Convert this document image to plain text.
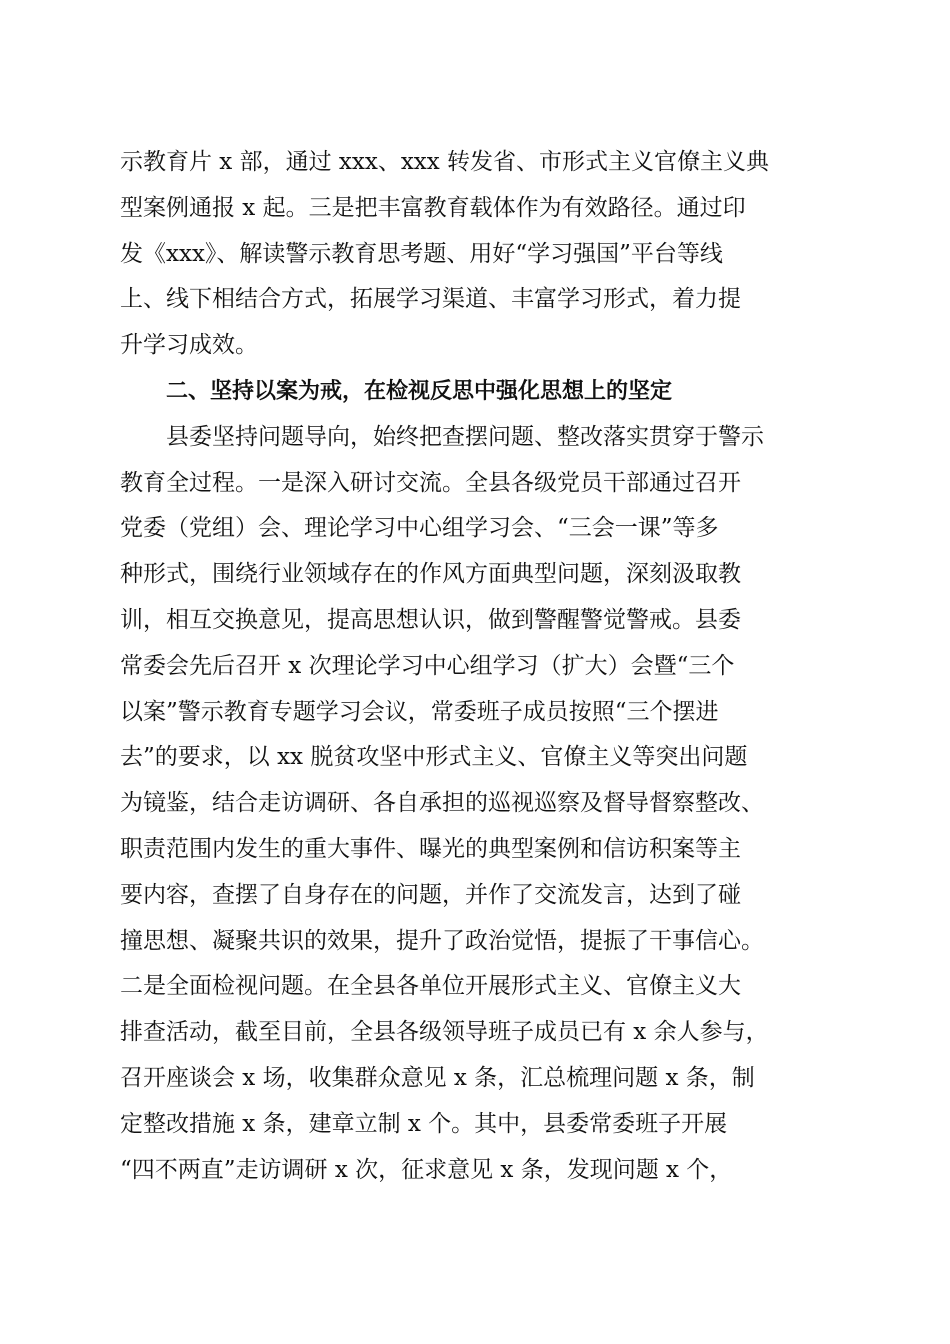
示教育片 x 部，通过 xxx、xxx 转发省、市形式主义官僚主义典
型案例通报 x 起。三是把丰富教育载体作为有效路径。通过印
发《xxx》、解读警示教育思考题、用好“学习强国”平台等线
上、线下相结合方式，拓展学习渠道、丰富学习形式，着力提
升学习成效。
二、坚持以案为戒，在检视反思中强化思想上的坚定
县委坚持问题导向，始终把查摆问题、整改落实贯穿于警示
教育全过程。一是深入研讨交流。全县各级党员干部通过召开
党委（党组）会、理论学习中心组学习会、“三会一课”等多
种形式，围绕行业领域存在的作风方面典型问题，深刻汲取教
训，相互交换意见，提高思想认识，做到警醒警觉警戒。县委
常委会先后召开 x 次理论学习中心组学习（扩大）会暨“三个
以案”警示教育专题学习会议，常委班子成员按照“三个摆进
去”的要求，以 xx 脱贫攻坚中形式主义、官僚主义等突出问题
为镜鉴，结合走访调研、各自承担的巡视巡察及督导督察整改、
职责范围内发生的重大事件、曝光的典型案例和信访积案等主
要内容，查摆了自身存在的问题，并作了交流发言，达到了碰
撞思想、凝聚共识的效果，提升了政治觉悟，提振了干事信心。
二是全面检视问题。在全县各单位开展形式主义、官僚主义大
排查活动，截至目前，全县各级领导班子成员已有 x 余人参与，
召开座谈会 x 场，收集群众意见 x 条，汇总梳理问题 x 条，制
定整改措施 x 条，建章立制 x 个。其中，县委常委班子开展
“四不两直”走访调研 x 次，征求意见 x 条，发现问题 x 个，
